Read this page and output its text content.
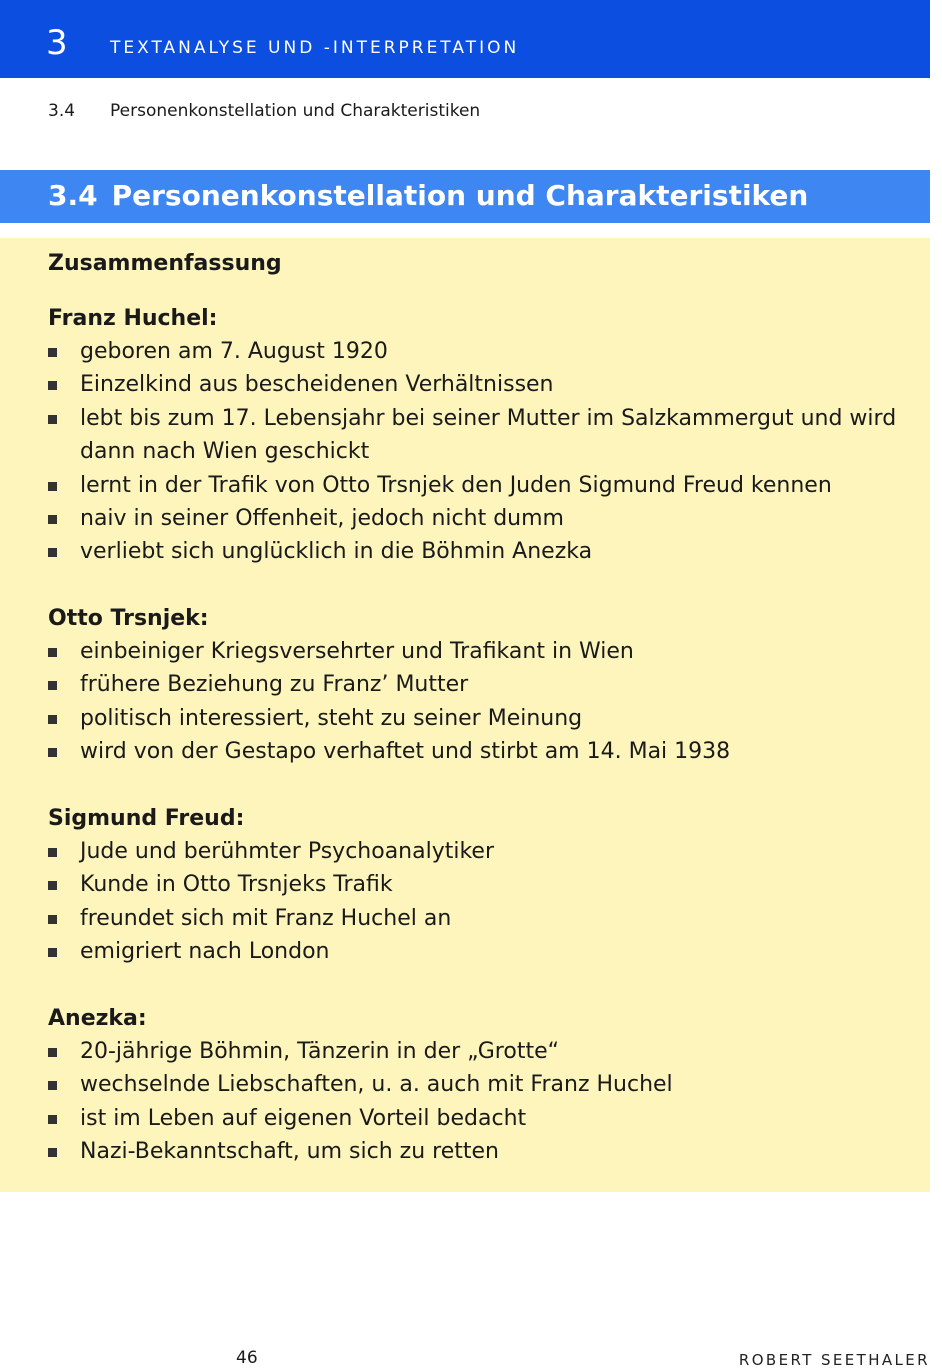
3 TEXTANALYSE UND -INTERPRETATION
3.4 Personenkonstellation und Charakteristiken
3.4 Personenkonstellation und Charakteristiken
Zusammenfassung
Franz Huchel:
geboren am 7. August 1920
Einzelkind aus bescheidenen Verhältnissen
lebt bis zum 17. Lebensjahr bei seiner Mutter im Salzkammergut und wird dann nach Wien geschickt
lernt in der Trafik von Otto Trsnjek den Juden Sigmund Freud kennen
naiv in seiner Offenheit, jedoch nicht dumm
verliebt sich unglücklich in die Böhmin Anezka
Otto Trsnjek:
einbeiniger Kriegsversehrter und Trafikant in Wien
frühere Beziehung zu Franz’ Mutter
politisch interessiert, steht zu seiner Meinung
wird von der Gestapo verhaftet und stirbt am 14. Mai 1938
Sigmund Freud:
Jude und berühmter Psychoanalytiker
Kunde in Otto Trsnjeks Trafik
freundet sich mit Franz Huchel an
emigriert nach London
Anezka:
20-jährige Böhmin, Tänzerin in der „Grotte“
wechselnde Liebschaften, u. a. auch mit Franz Huchel
ist im Leben auf eigenen Vorteil bedacht
Nazi-Bekanntschaft, um sich zu retten
46	ROBERT SEETHALER
